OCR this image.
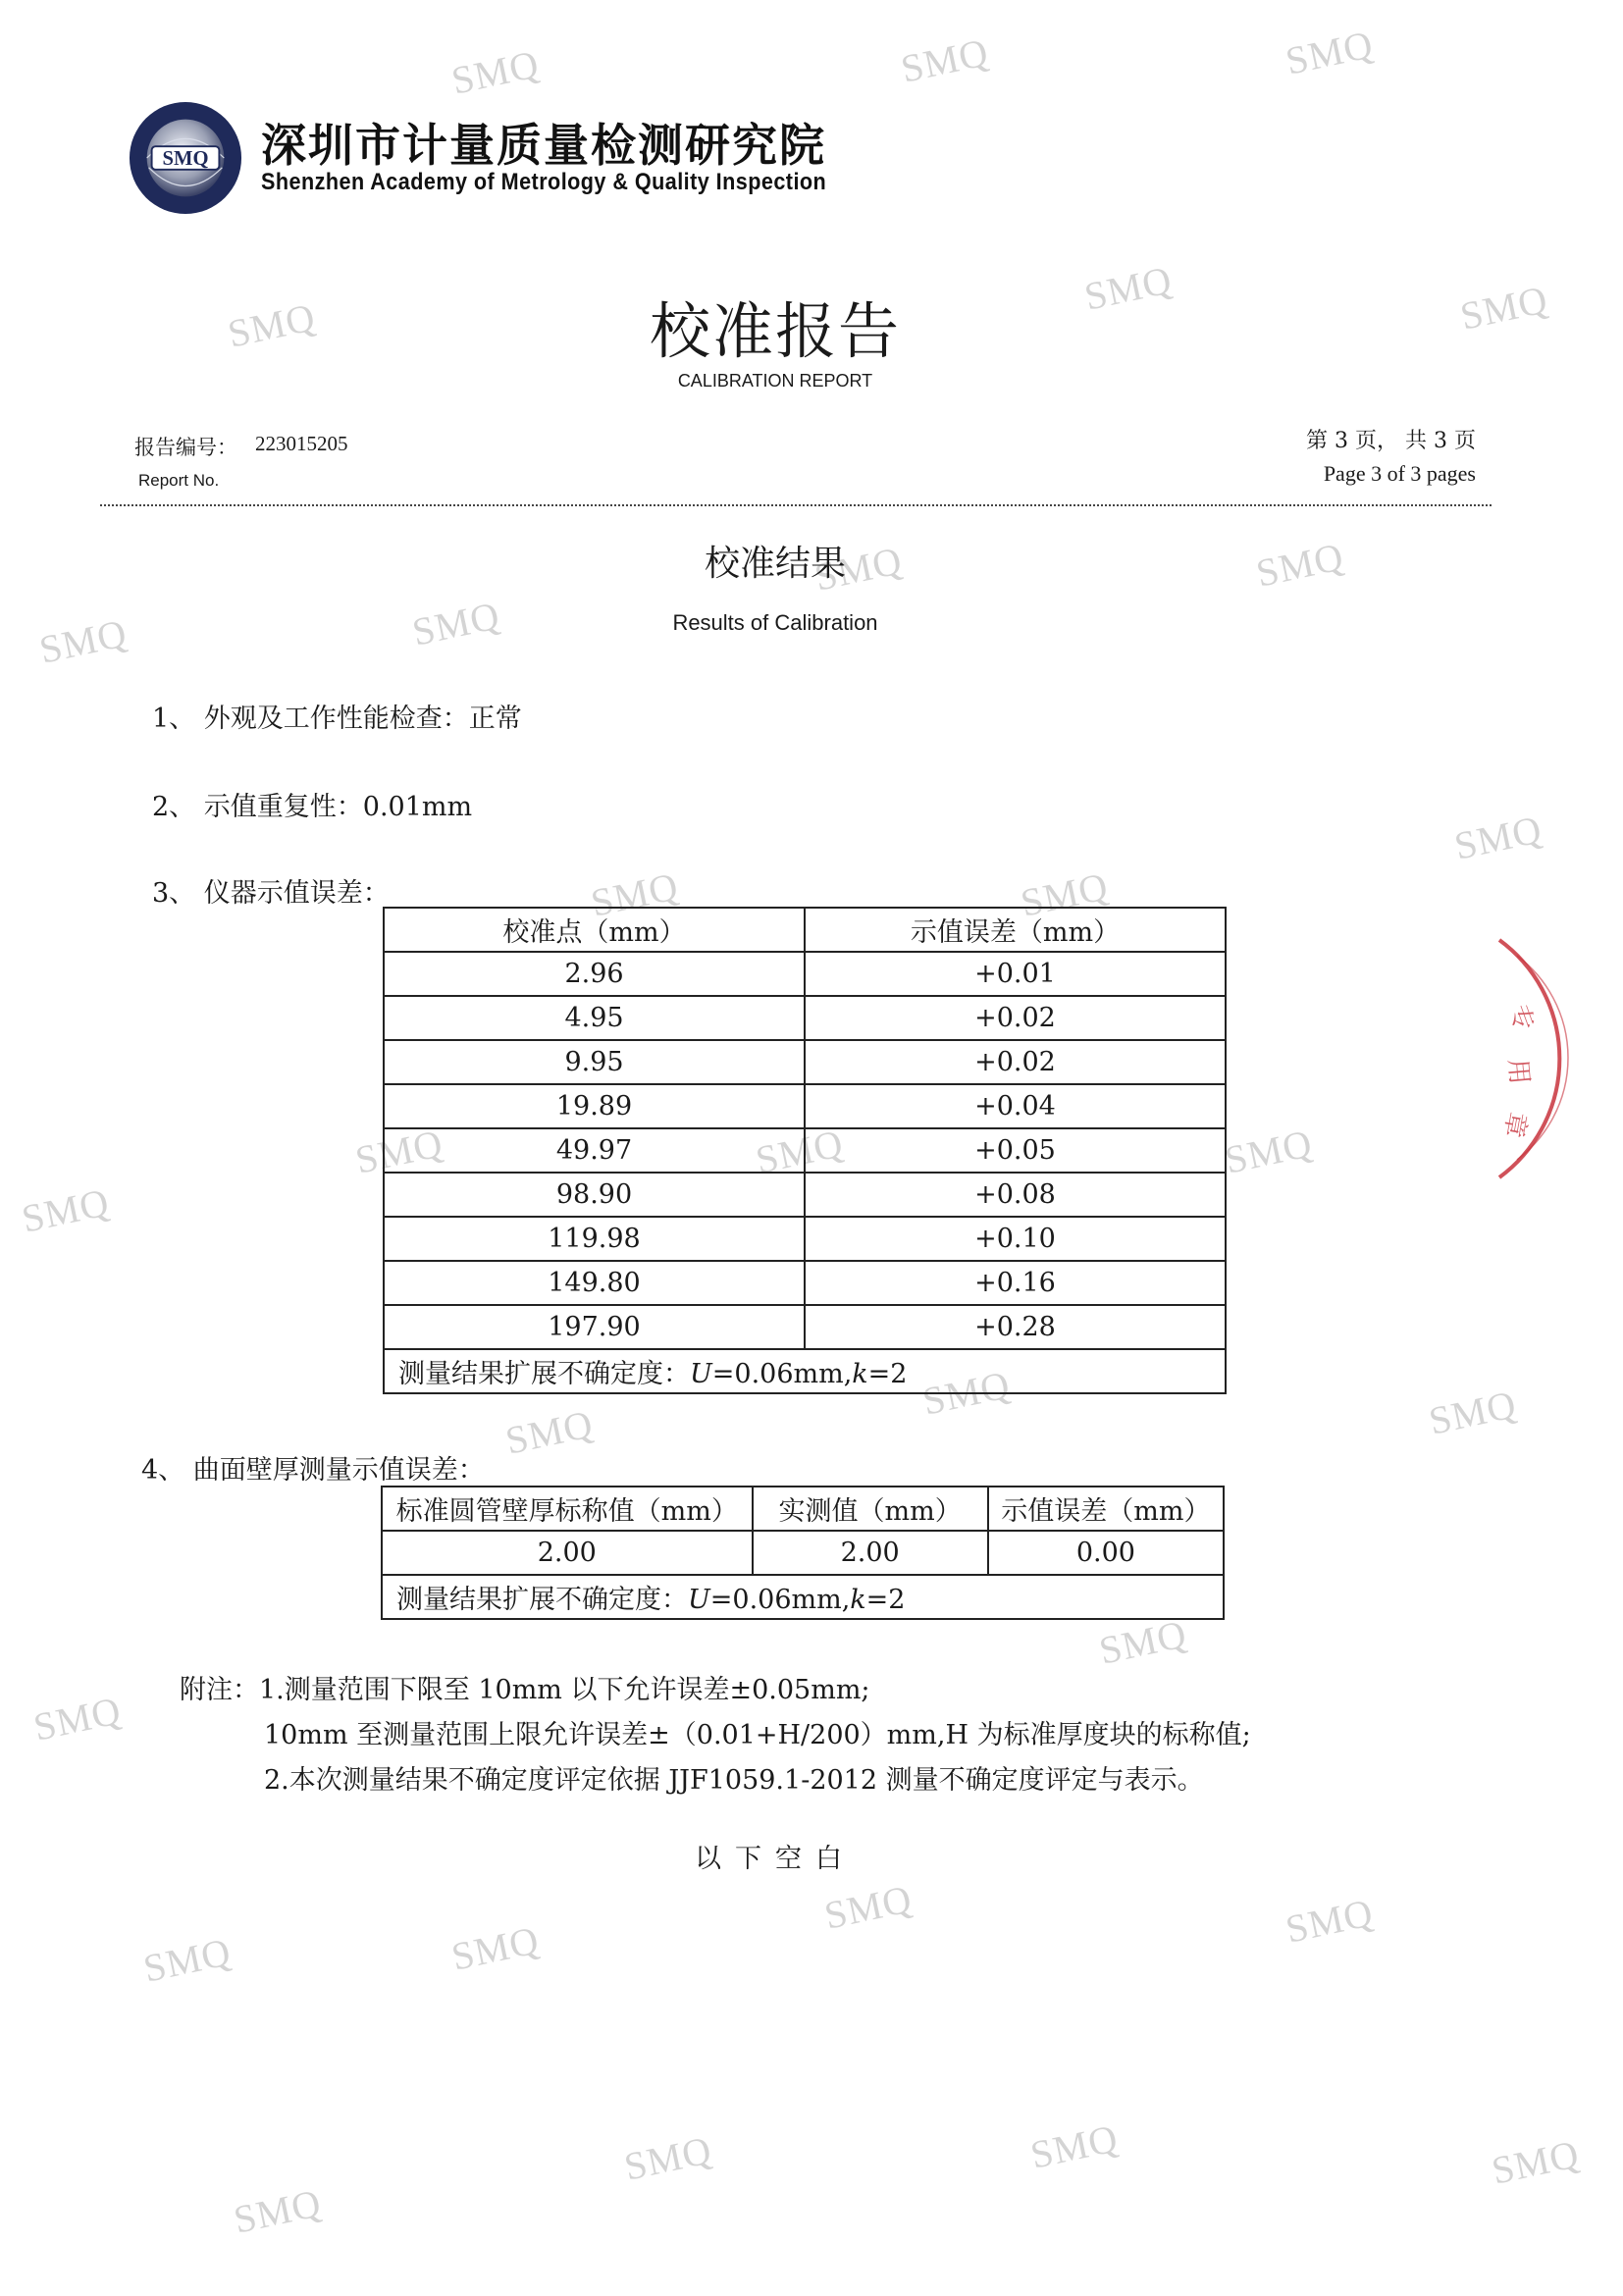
SMQ	SMQ	SMQ
SMQ
SMQ	SMQ
SMQ	SMQ
SMQ	SMQ
SMQ
SMQ	SMQ
SMQ	SMQ	SMQ
SMQ
SMQ	SMQ
SMQ
SMQ
SMQ
SMQ
SMQ	SMQ	SMQ
SMQ	SMQ	SMQ
SMQ
SMQ 深圳市计量质量检测研究院
Shenzhen Academy of Metrology & Quality Inspection
校准报告
CALIBRATION REPORT
报告编号： 223015205
Report No.
第 3 页， 共 3 页
Page 3 of 3 pages
校准结果
Results of Calibration
1、 外观及工作性能检查：正常
2、 示值重复性：0.01mm
3、 仪器示值误差：
校准点（mm）	示值误差（mm）
2.96	+0.01
4.95	+0.02
9.95	+0.02
19.89	+0.04
49.97	+0.05
98.90	+0.08
119.98	+0.10
149.80	+0.16
197.90	+0.28
测量结果扩展不确定度：U=0.06mm,k=2	
4、 曲面壁厚测量示值误差：
标准圆管壁厚标称值（mm）	实测值（mm）	示值误差（mm）
2.00	2.00	0.00
测量结果扩展不确定度：U=0.06mm,k=2		
附注：1.测量范围下限至 10mm 以下允许误差±0.05mm;
10mm 至测量范围上限允许误差±（0.01+H/200）mm,H 为标准厚度块的标称值;
2.本次测量结果不确定度评定依据 JJF1059.1-2012 测量不确定度评定与表示。
以下空白
专
用
章
